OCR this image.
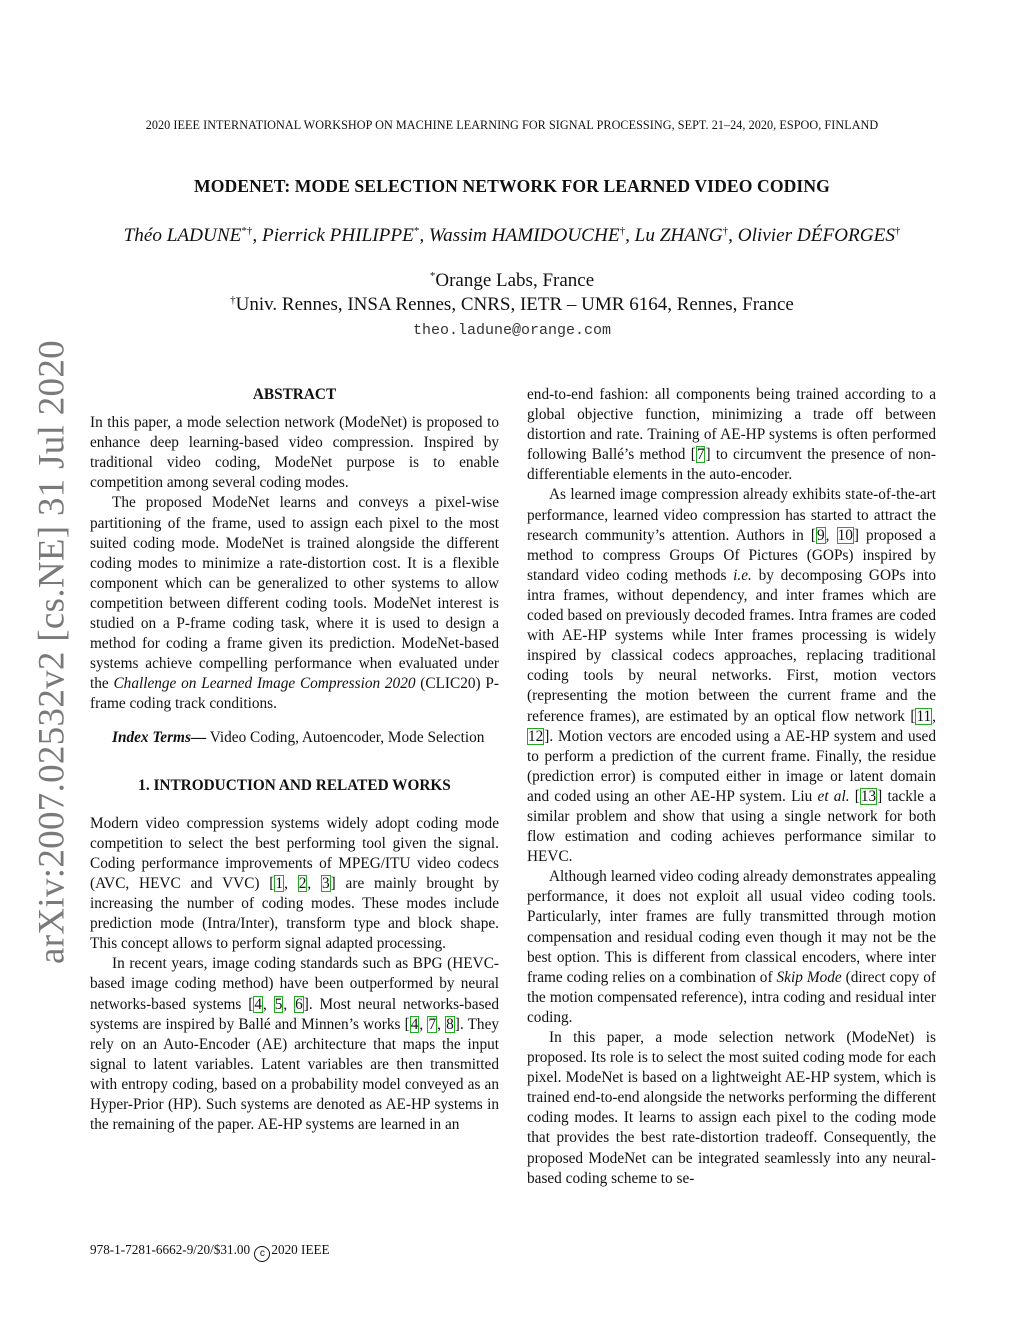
2020 IEEE INTERNATIONAL WORKSHOP ON MACHINE LEARNING FOR SIGNAL PROCESSING, SEPT. 21–24, 2020, ESPOO, FINLAND
arXiv:2007.02532v2 [cs.NE] 31 Jul 2020
MODENET: MODE SELECTION NETWORK FOR LEARNED VIDEO CODING
Théo LADUNE*†, Pierrick PHILIPPE*, Wassim HAMIDOUCHE†, Lu ZHANG†, Olivier DÉFORGES†
*Orange Labs, France
†Univ. Rennes, INSA Rennes, CNRS, IETR – UMR 6164, Rennes, France
theo.ladune@orange.com
ABSTRACT

In this paper, a mode selection network (ModeNet) is proposed to enhance deep learning-based video compression. Inspired by traditional video coding, ModeNet purpose is to enable competition among several coding modes.

The proposed ModeNet learns and conveys a pixel-wise partitioning of the frame, used to assign each pixel to the most suited coding mode. ModeNet is trained alongside the different coding modes to minimize a rate-distortion cost. It is a flexible component which can be generalized to other systems to allow competition between different coding tools. ModeNet interest is studied on a P-frame coding task, where it is used to design a method for coding a frame given its prediction. ModeNet-based systems achieve compelling performance when evaluated under the Challenge on Learned Image Compression 2020 (CLIC20) P-frame coding track conditions.

Index Terms— Video Coding, Autoencoder, Mode Selection

1. INTRODUCTION AND RELATED WORKS

Modern video compression systems widely adopt coding mode competition to select the best performing tool given the signal. Coding performance improvements of MPEG/ITU video codecs (AVC, HEVC and VVC) [1, 2, 3] are mainly brought by increasing the number of coding modes. These modes include prediction mode (Intra/Inter), transform type and block shape. This concept allows to perform signal adapted processing.

In recent years, image coding standards such as BPG (HEVC-based image coding method) have been outperformed by neural networks-based systems [4, 5, 6]. Most neural networks-based systems are inspired by Ballé and Minnen’s works [4, 7, 8]. They rely on an Auto-Encoder (AE) architecture that maps the input signal to latent variables. Latent variables are then transmitted with entropy coding, based on a probability model conveyed as an Hyper-Prior (HP). Such systems are denoted as AE-HP systems in the remaining of the paper. AE-HP systems are learned in an

end-to-end fashion: all components being trained according to a global objective function, minimizing a trade off between distortion and rate. Training of AE-HP systems is often performed following Ballé’s method [7] to circumvent the presence of non-differentiable elements in the auto-encoder.

As learned image compression already exhibits state-of-the-art performance, learned video compression has started to attract the research community’s attention. Authors in [9, 10] proposed a method to compress Groups Of Pictures (GOPs) inspired by standard video coding methods i.e. by decomposing GOPs into intra frames, without dependency, and inter frames which are coded based on previously decoded frames. Intra frames are coded with AE-HP systems while Inter frames processing is widely inspired by classical codecs approaches, replacing traditional coding tools by neural networks. First, motion vectors (representing the motion between the current frame and the reference frames), are estimated by an optical flow network [11, 12]. Motion vectors are encoded using a AE-HP system and used to perform a prediction of the current frame. Finally, the residue (prediction error) is computed either in image or latent domain and coded using an other AE-HP system. Liu et al. [13] tackle a similar problem and show that using a single network for both flow estimation and coding achieves performance similar to HEVC.

Although learned video coding already demonstrates appealing performance, it does not exploit all usual video coding tools. Particularly, inter frames are fully transmitted through motion compensation and residual coding even though it may not be the best option. This is different from classical encoders, where inter frame coding relies on a combination of Skip Mode (direct copy of the motion compensated reference), intra coding and residual inter coding.

In this paper, a mode selection network (ModeNet) is proposed. Its role is to select the most suited coding mode for each pixel. ModeNet is based on a lightweight AE-HP system, which is trained end-to-end alongside the networks performing the different coding modes. It learns to assign each pixel to the coding mode that provides the best rate-distortion tradeoff. Consequently, the proposed ModeNet can be integrated seamlessly into any neural-based coding scheme to se-

978-1-7281-6662-9/20/$31.00 c 2020 IEEE
